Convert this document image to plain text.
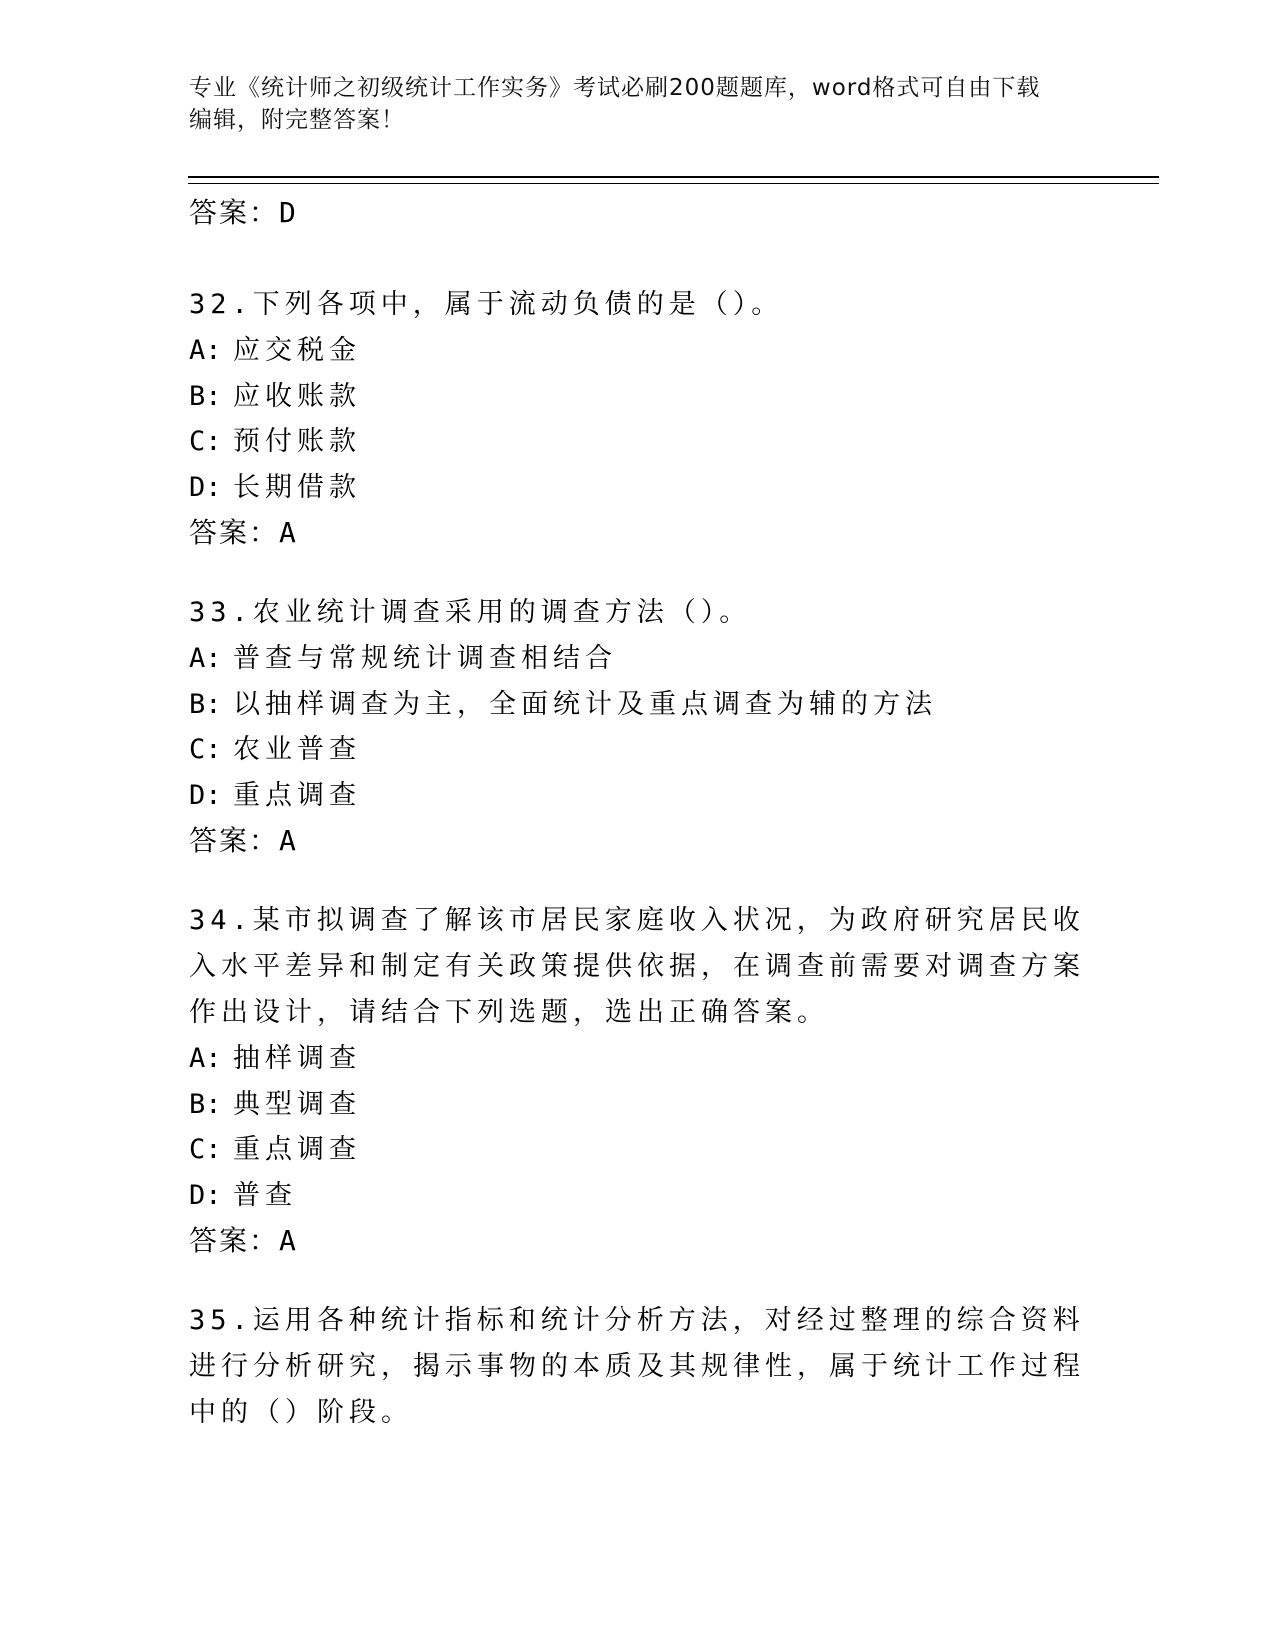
专业《统计师之初级统计工作实务》考试必刷200题题库，word格式可自由下载
编辑，附完整答案！
答案：D
32.下列各项中，属于流动负债的是（）。
A: 应交税金
B: 应收账款
C: 预付账款
D: 长期借款
答案：A
33.农业统计调查采用的调查方法（）。
A: 普查与常规统计调查相结合
B: 以抽样调查为主，全面统计及重点调查为辅的方法
C: 农业普查
D: 重点调查
答案：A
34.某市拟调查了解该市居民家庭收入状况，为政府研究居民收入水平差异和制定有关政策提供依据，在调查前需要对调查方案作出设计，请结合下列选题，选出正确答案。
A: 抽样调查
B: 典型调查
C: 重点调查
D: 普查
答案：A
35.运用各种统计指标和统计分析方法，对经过整理的综合资料进行分析研究，揭示事物的本质及其规律性，属于统计工作过程中的（）阶段。
